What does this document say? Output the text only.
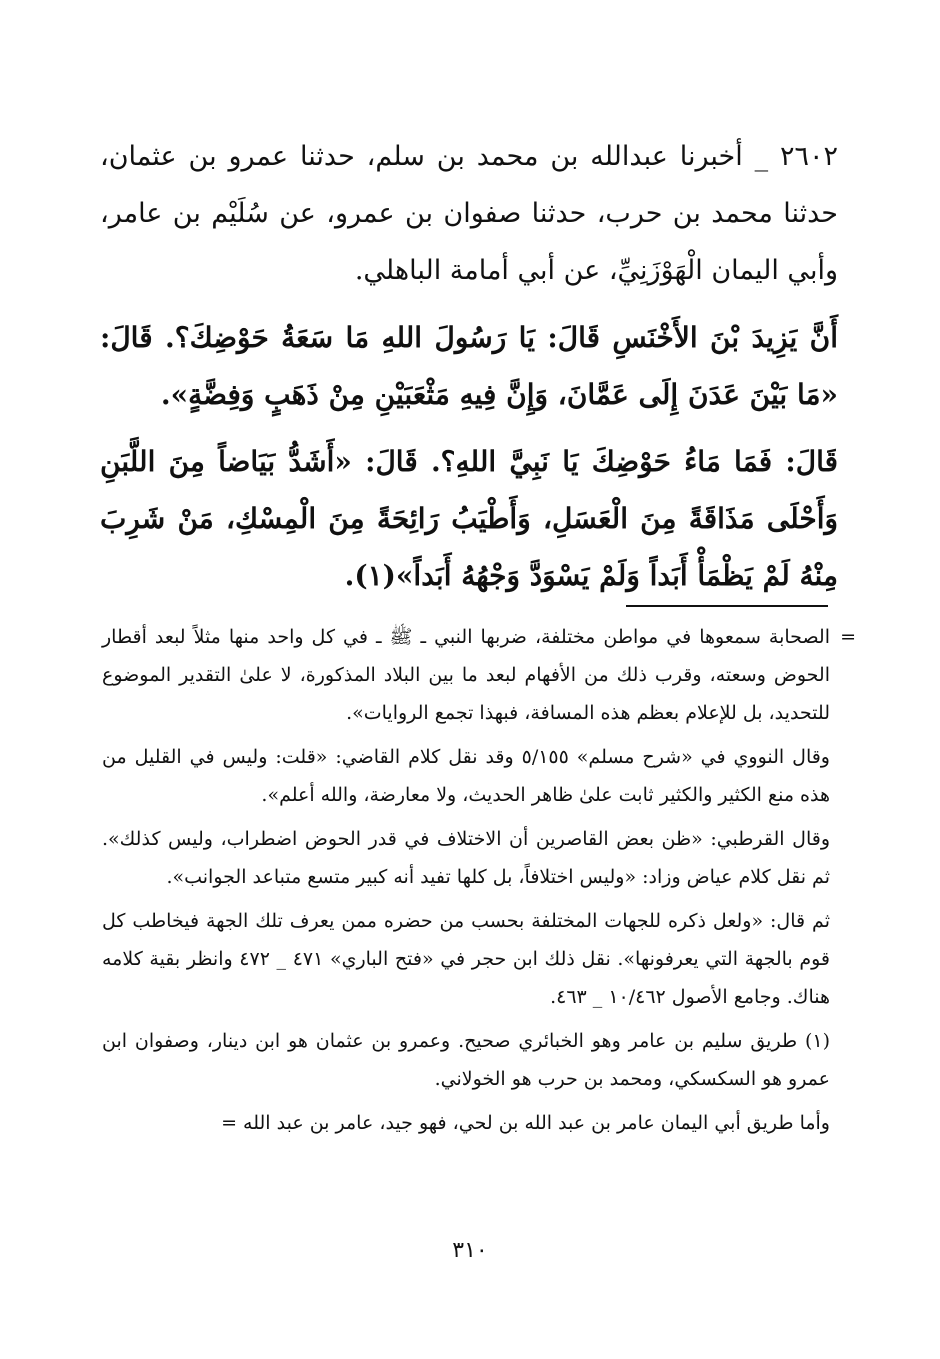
٢٦٠٢ _ أخبرنا عبدالله بن محمد بن سلم، حدثنا عمرو بن عثمان، حدثنا محمد بن حرب، حدثنا صفوان بن عمرو، عن سُلَيْم بن عامر، وأبي اليمان الْهَوْزَنِيِّ، عن أبي أمامة الباهلي.

أَنَّ يَزِيدَ بْنَ الأَخْنَسِ قَالَ: يَا رَسُولَ اللهِ مَا سَعَةُ حَوْضِكَ؟. قَالَ: «مَا بَيْنَ عَدَنَ إِلَى عَمَّانَ، وَإِنَّ فِيهِ مَثْعَبَيْنِ مِنْ ذَهَبٍ وَفِضَّةٍ».

قَالَ: فَمَا مَاءُ حَوْضِكَ يَا نَبِيَّ اللهِ؟. قَالَ: «أَشَدُّ بَيَاضاً مِنَ اللَّبَنِ وَأَحْلَى مَذَاقَةً مِنَ الْعَسَلِ، وَأَطْيَبُ رَائِحَةً مِنَ الْمِسْكِ، مَنْ شَرِبَ مِنْهُ لَمْ يَظْمَأْ أَبَداً وَلَمْ يَسْوَدَّ وَجْهُهُ أَبَداً»(١).

=
الصحابة سمعوها في مواطن مختلفة، ضربها النبي ـ ﷺ ـ في كل واحد منها مثلاً لبعد أقطار الحوض وسعته، وقرب ذلك من الأفهام لبعد ما بين البلاد المذكورة، لا علىٰ التقدير الموضوع للتحديد، بل للإعلام بعظم هذه المسافة، فبهذا تجمع الروايات».

وقال النووي في «شرح مسلم» ٥/١٥٥ وقد نقل كلام القاضي: «قلت: وليس في القليل من هذه منع الكثير والكثير ثابت علىٰ ظاهر الحديث، ولا معارضة، والله أعلم».

وقال القرطبي: «ظن بعض القاصرين أن الاختلاف في قدر الحوض اضطراب، وليس كذلك». ثم نقل كلام عياض وزاد: «وليس اختلافاً، بل كلها تفيد أنه كبير متسع متباعد الجوانب».

ثم قال: «ولعل ذكره للجهات المختلفة بحسب من حضره ممن يعرف تلك الجهة فيخاطب كل قوم بالجهة التي يعرفونها». نقل ذلك ابن حجر في «فتح الباري» ٤٧١ _ ٤٧٢ وانظر بقية كلامه هناك. وجامع الأصول ١٠/٤٦٢ _ ٤٦٣.

(١) طريق سليم بن عامر وهو الخبائري صحيح. وعمرو بن عثمان هو ابن دينار، وصفوان ابن عمرو هو السكسكي، ومحمد بن حرب هو الخولاني.

وأما طريق أبي اليمان عامر بن عبد الله بن لحي، فهو جيد، عامر بن عبد الله =

٣١٠
